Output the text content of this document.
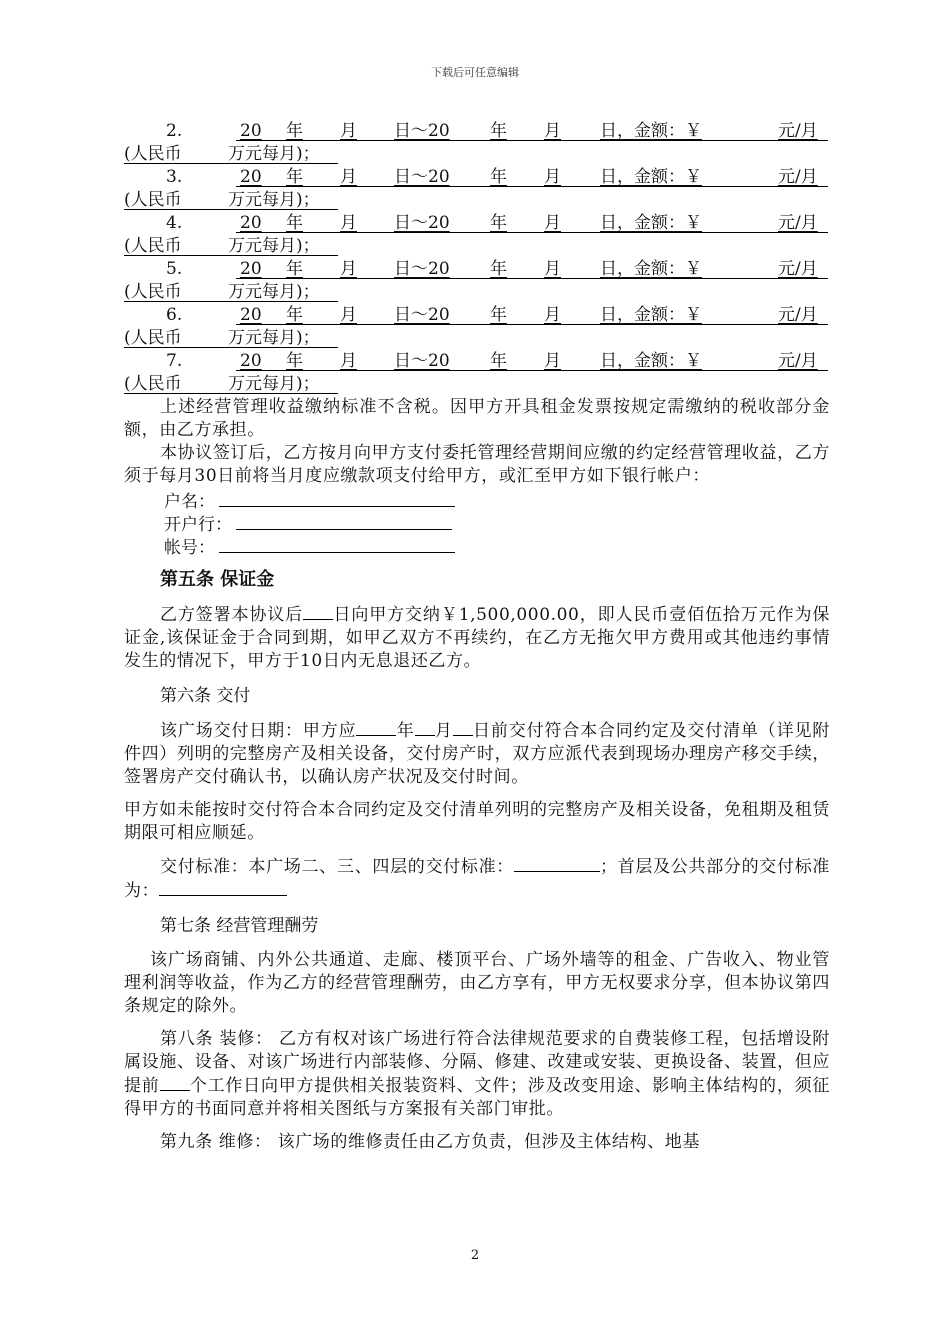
下载后可任意编辑
2.	20 年 月 日～20 年 月 日，金额：￥	元/月
(人民币	万元每月)；
3.	20 年 月 日～20 年 月 日，金额：￥	元/月
(人民币	万元每月)；
4.	20 年 月 日～20 年 月 日，金额：￥	元/月
(人民币	万元每月)；
5.	20 年 月 日～20 年 月 日，金额：￥	元/月
(人民币	万元每月)；
6.	20 年 月 日～20 年 月 日，金额：￥	元/月
(人民币	万元每月)；
7.	20 年 月 日～20 年 月 日，金额：￥	元/月
(人民币	万元每月)；
上述经营管理收益缴纳标准不含税。因甲方开具租金发票按规定需缴纳的税收部分金额，由乙方承担。
本协议签订后，乙方按月向甲方支付委托管理经营期间应缴的约定经营管理收益，乙方须于每月30日前将当月度应缴款项支付给甲方，或汇至甲方如下银行帐户：
户名：
开户行：
帐号：
第五条 保证金
乙方签署本协议后 日向甲方交纳￥1,500,000.00，即人民币壹佰伍拾万元作为保证金,该保证金于合同到期，如甲乙双方不再续约，在乙方无拖欠甲方费用或其他违约事情发生的情况下，甲方于10日内无息退还乙方。
第六条 交付
该广场交付日期：甲方应 年 月 日前交付符合本合同约定及交付清单（详见附件四）列明的完整房产及相关设备，交付房产时，双方应派代表到现场办理房产移交手续，签署房产交付确认书，以确认房产状况及交付时间。
甲方如未能按时交付符合本合同约定及交付清单列明的完整房产及相关设备，免租期及租赁期限可相应顺延。
交付标准：本广场二、三、四层的交付标准：	；首层及公共部分的交付标准为：
第七条 经营管理酬劳
该广场商铺、内外公共通道、走廊、楼顶平台、广场外墙等的租金、广告收入、物业管理利润等收益，作为乙方的经营管理酬劳，由乙方享有，甲方无权要求分享，但本协议第四条规定的除外。
第八条 装修： 乙方有权对该广场进行符合法律规范要求的自费装修工程，包括增设附属设施、设备、对该广场进行内部装修、分隔、修建、改建或安装、更换设备、装置，但应提前 个工作日向甲方提供相关报装资料、文件；涉及改变用途、影响主体结构的，须征得甲方的书面同意并将相关图纸与方案报有关部门审批。
第九条 维修： 该广场的维修责任由乙方负责，但涉及主体结构、地基
2
